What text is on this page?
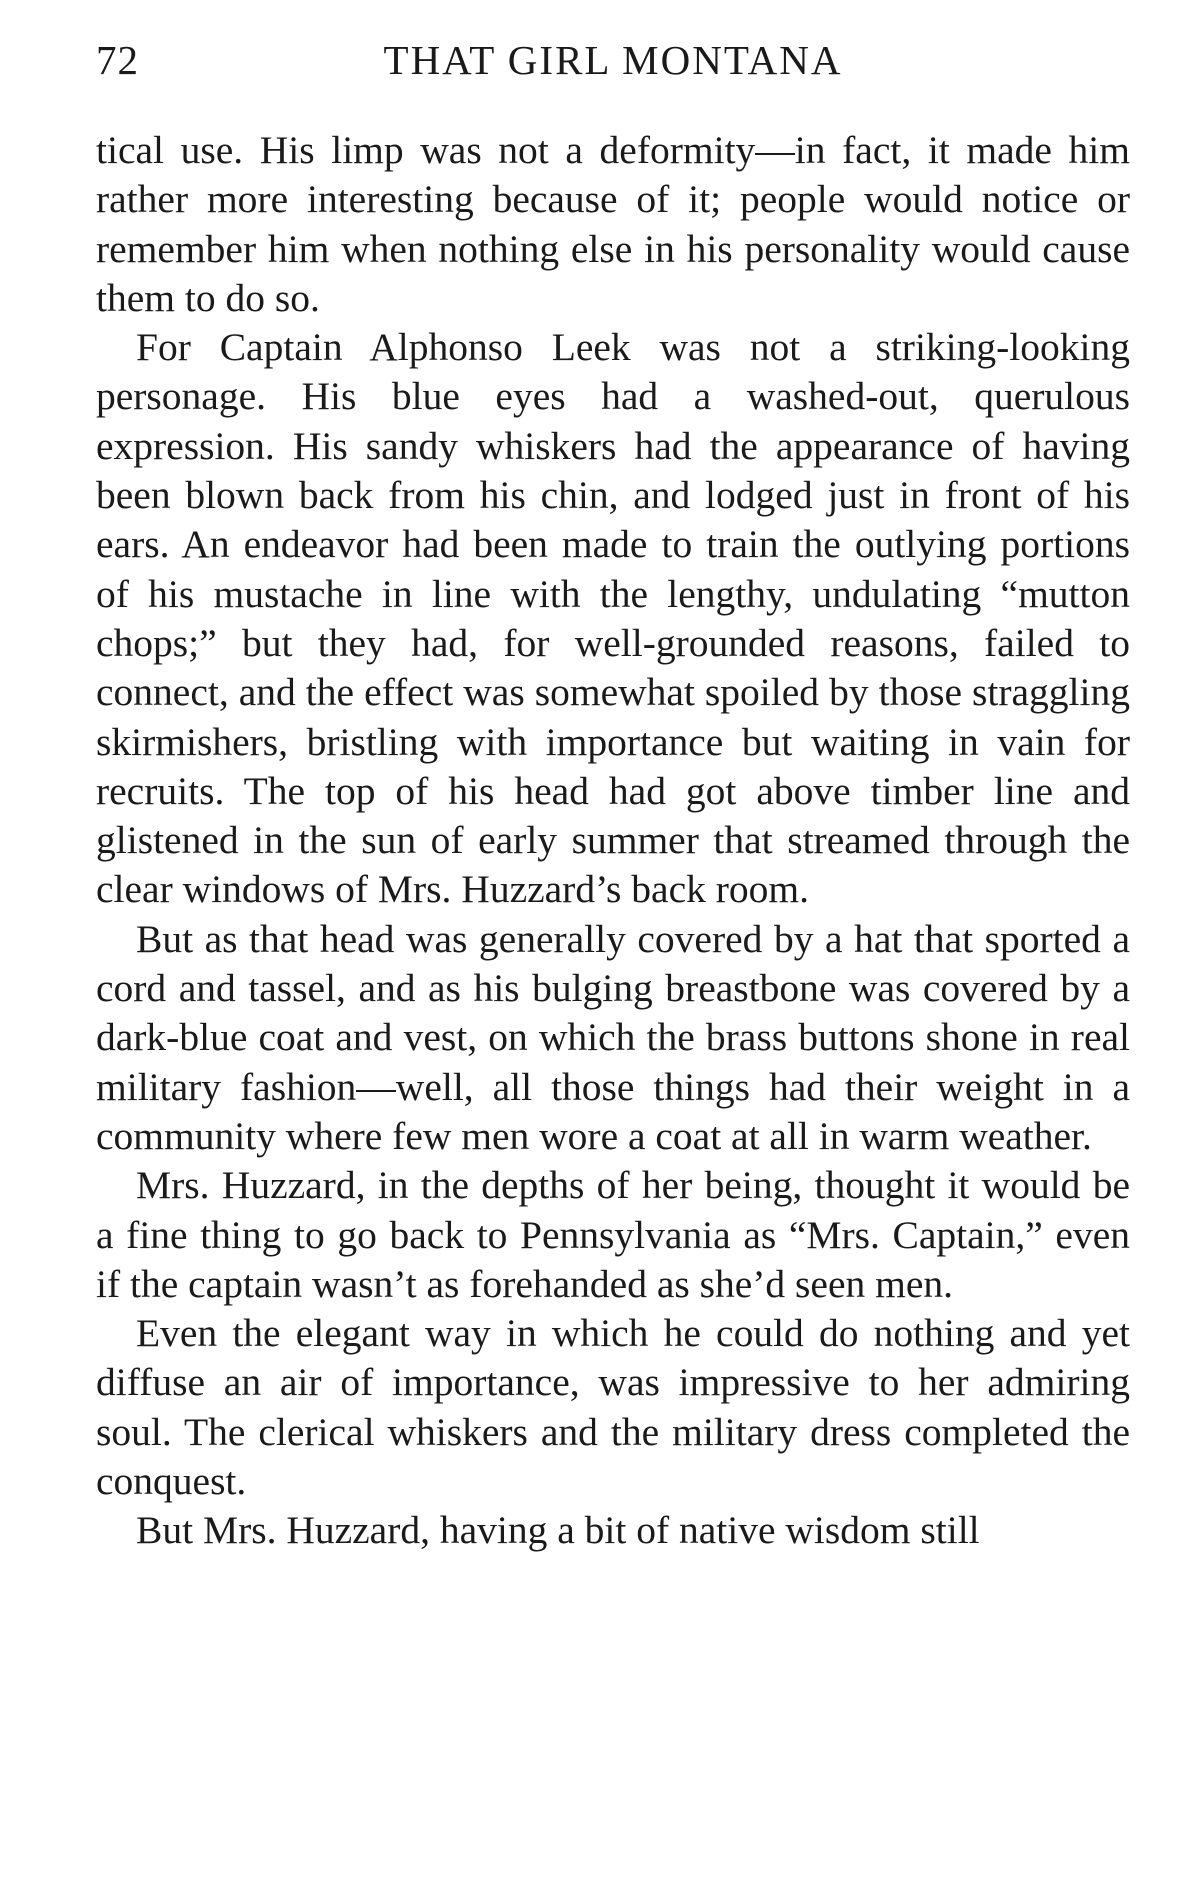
72	THAT GIRL MONTANA

tical use. His limp was not a deformity—in fact, it made him rather more interesting because of it; people would notice or remember him when nothing else in his personality would cause them to do so.

For Captain Alphonso Leek was not a striking-looking personage. His blue eyes had a washed-out, querulous expression. His sandy whiskers had the appearance of having been blown back from his chin, and lodged just in front of his ears. An endeavor had been made to train the outlying portions of his mustache in line with the lengthy, undulating “mutton chops;” but they had, for well-grounded reasons, failed to connect, and the effect was somewhat spoiled by those straggling skirmishers, bristling with importance but waiting in vain for recruits. The top of his head had got above timber line and glistened in the sun of early summer that streamed through the clear windows of Mrs. Huzzard’s back room.

But as that head was generally covered by a hat that sported a cord and tassel, and as his bulging breastbone was covered by a dark-blue coat and vest, on which the brass buttons shone in real military fashion—well, all those things had their weight in a community where few men wore a coat at all in warm weather.

Mrs. Huzzard, in the depths of her being, thought it would be a fine thing to go back to Pennsylvania as “Mrs. Captain,” even if the captain wasn’t as forehanded as she’d seen men.

Even the elegant way in which he could do nothing and yet diffuse an air of importance, was impressive to her admiring soul. The clerical whiskers and the military dress completed the conquest.

But Mrs. Huzzard, having a bit of native wisdom still
